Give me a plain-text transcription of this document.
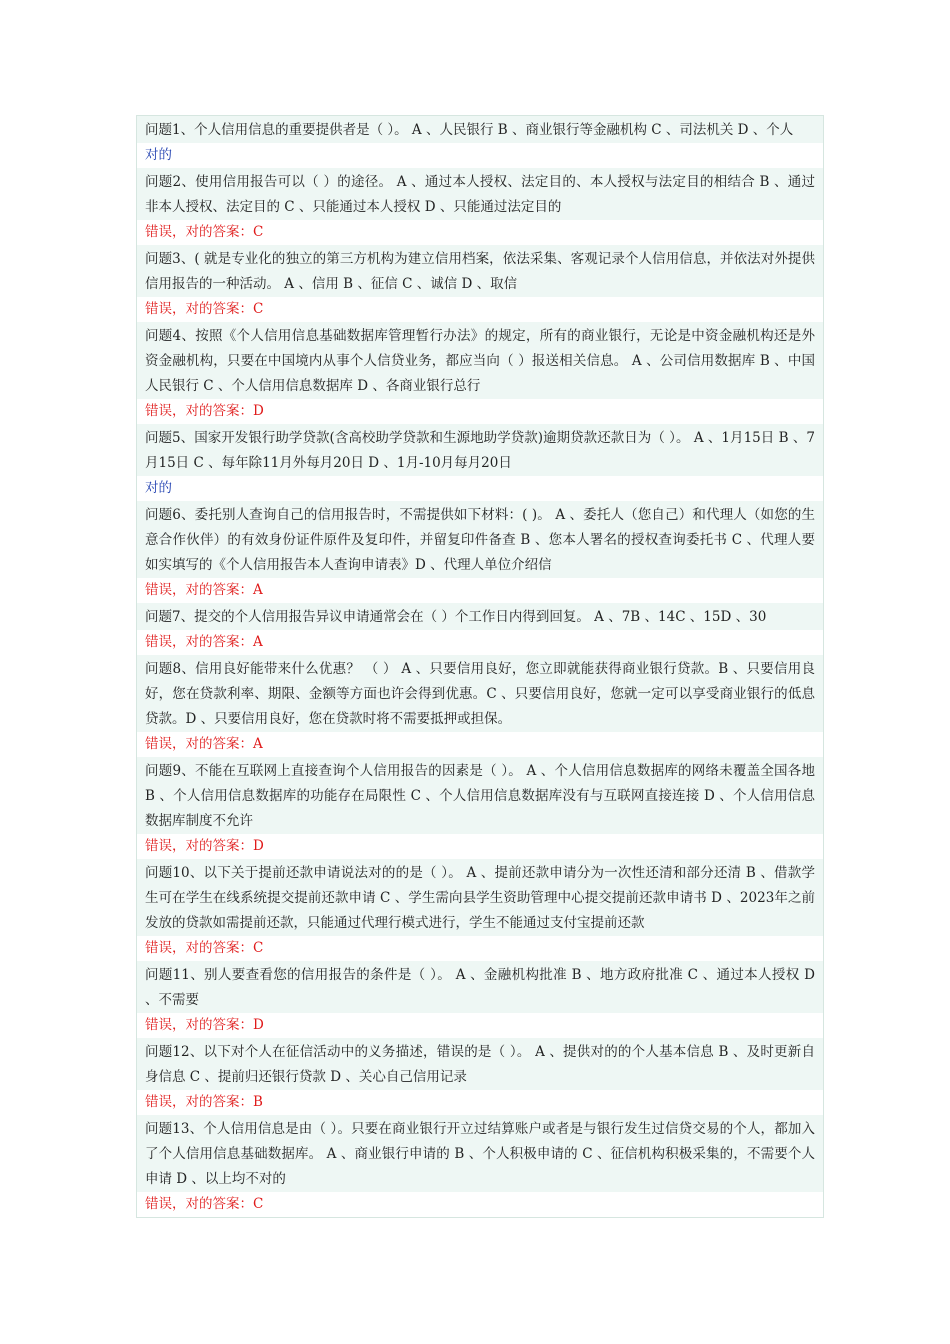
问题1、个人信用信息的重要提供者是（ ）。 A 、人民银行 B 、商业银行等金融机构 C 、司法机关 D 、个人
对的
问题2、使用信用报告可以（ ）的途径。 A 、通过本人授权、法定目的、本人授权与法定目的相结合 B 、通过非本人授权、法定目的 C 、只能通过本人授权 D 、只能通过法定目的
错误，对的答案：C
问题3、( 就是专业化的独立的第三方机构为建立信用档案，依法采集、客观记录个人信用信息，并依法对外提供信用报告的一种活动。 A 、信用 B 、征信 C 、诚信 D 、取信
错误，对的答案：C
问题4、按照《个人信用信息基础数据库管理暂行办法》的规定，所有的商业银行，无论是中资金融机构还是外资金融机构，只要在中国境内从事个人信贷业务，都应当向（ ）报送相关信息。 A 、公司信用数据库 B 、中国人民银行 C 、个人信用信息数据库 D 、各商业银行总行
错误，对的答案：D
问题5、国家开发银行助学贷款(含高校助学贷款和生源地助学贷款)逾期贷款还款日为（ ）。 A 、1月15日 B 、7月15日 C 、每年除11月外每月20日 D 、1月-10月每月20日
对的
问题6、委托别人查询自己的信用报告时，不需提供如下材料：( )。 A 、委托人（您自己）和代理人（如您的生意合作伙伴）的有效身份证件原件及复印件，并留复印件备查 B 、您本人署名的授权查询委托书 C 、代理人要如实填写的《个人信用报告本人查询申请表》D 、代理人单位介绍信
错误，对的答案：A
问题7、提交的个人信用报告异议申请通常会在（ ）个工作日内得到回复。 A 、7B 、14C 、15D 、30
错误，对的答案：A
问题8、信用良好能带来什么优惠？ （ ） A 、只要信用良好，您立即就能获得商业银行贷款。B 、只要信用良好，您在贷款利率、期限、金额等方面也许会得到优惠。C 、只要信用良好，您就一定可以享受商业银行的低息贷款。D 、只要信用良好，您在贷款时将不需要抵押或担保。
错误，对的答案：A
问题9、不能在互联网上直接查询个人信用报告的因素是（ ）。 A 、个人信用信息数据库的网络未覆盖全国各地 B 、个人信用信息数据库的功能存在局限性 C 、个人信用信息数据库没有与互联网直接连接 D 、个人信用信息数据库制度不允许
错误，对的答案：D
问题10、以下关于提前还款申请说法对的的是（ ）。 A 、提前还款申请分为一次性还清和部分还清 B 、借款学生可在学生在线系统提交提前还款申请 C 、学生需向县学生资助管理中心提交提前还款申请书 D 、2023年之前发放的贷款如需提前还款，只能通过代理行模式进行，学生不能通过支付宝提前还款
错误，对的答案：C
问题11、别人要查看您的信用报告的条件是（ ）。 A 、金融机构批准 B 、地方政府批准 C 、通过本人授权 D 、不需要
错误，对的答案：D
问题12、以下对个人在征信活动中的义务描述，错误的是（ ）。 A 、提供对的的个人基本信息 B 、及时更新自身信息 C 、提前归还银行贷款 D 、关心自己信用记录
错误，对的答案：B
问题13、个人信用信息是由（ ）。只要在商业银行开立过结算账户或者是与银行发生过信贷交易的个人，都加入了个人信用信息基础数据库。 A 、商业银行申请的 B 、个人积极申请的 C 、征信机构积极采集的，不需要个人申请 D 、以上均不对的
错误，对的答案：C
